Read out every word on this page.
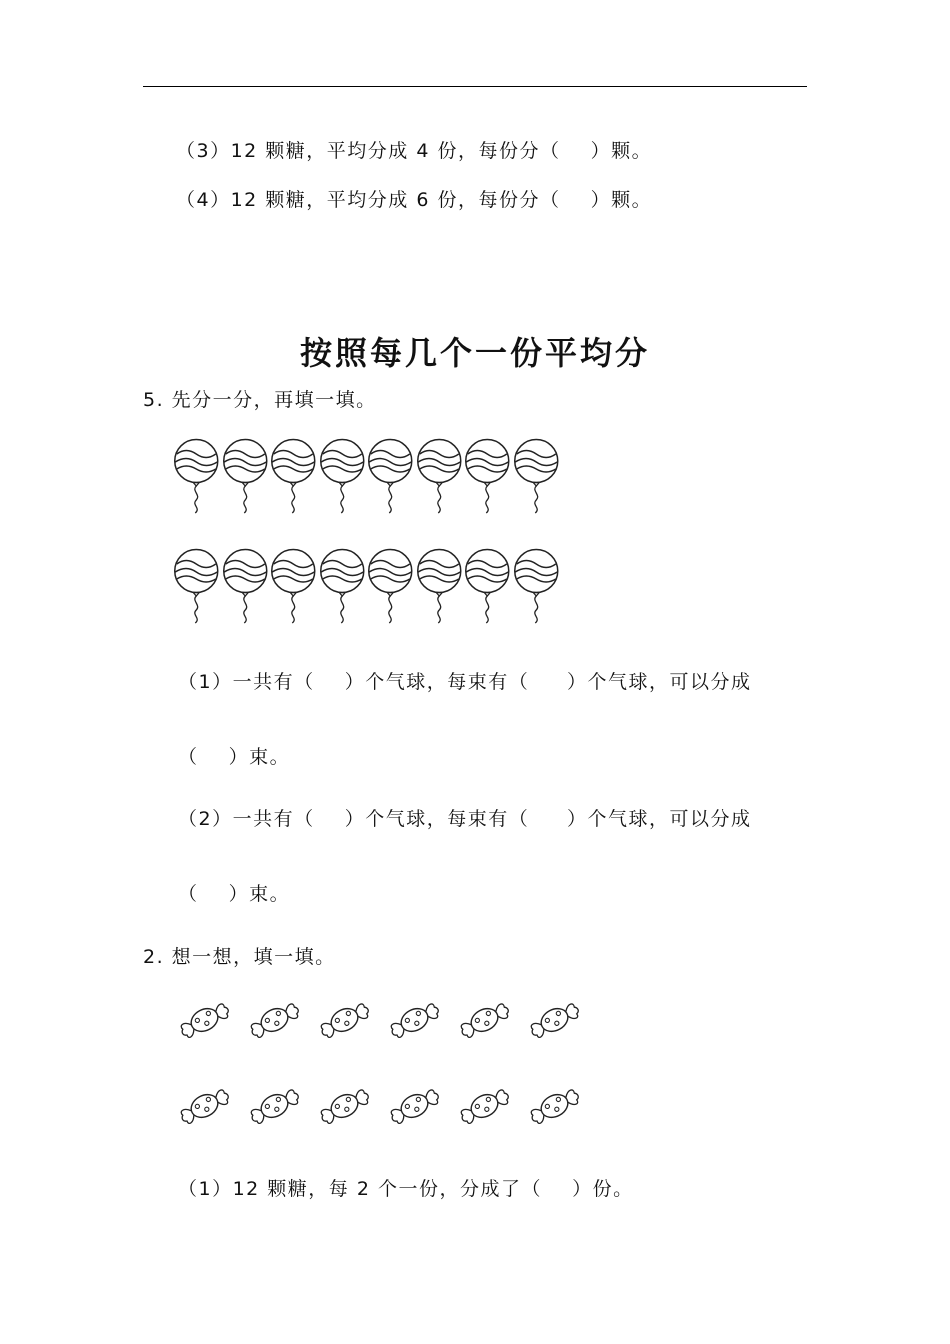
（3）12 颗糖，平均分成 4 份，每份分（    ）颗。
（4）12 颗糖，平均分成 6 份，每份分（    ）颗。
按照每几个一份平均分
5. 先分一分，再填一填。
（1）一共有（    ）个气球，每束有（     ）个气球，可以分成
（    ）束。
（2）一共有（    ）个气球，每束有（     ）个气球，可以分成
（    ）束。
2. 想一想，填一填。
（1）12 颗糖，每 2 个一份，分成了（    ）份。
